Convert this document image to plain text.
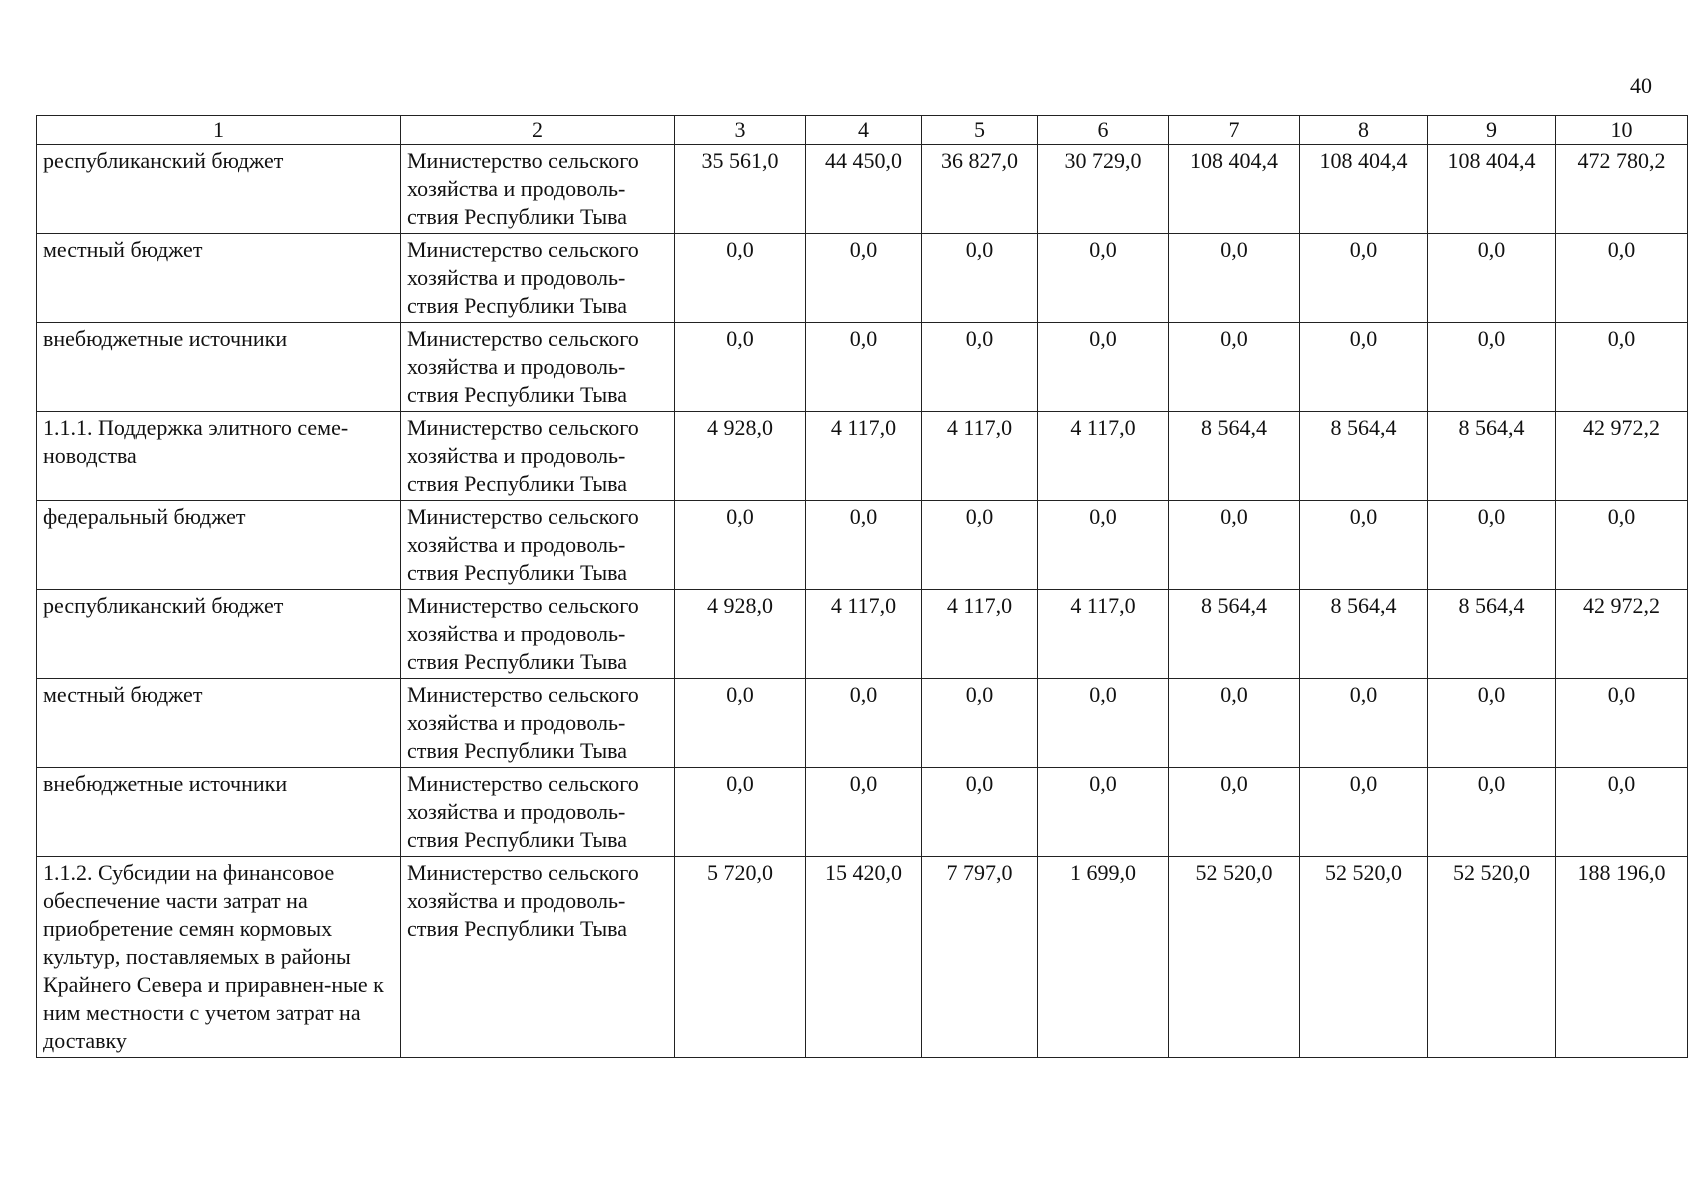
40
1	2	3	4	5	6	7	8	9	10
республиканский бюджет	Министерство сельского хозяйства и продоволь-ствия Республики Тыва	35 561,0	44 450,0	36 827,0	30 729,0	108 404,4	108 404,4	108 404,4	472 780,2
местный бюджет	Министерство сельского хозяйства и продоволь-ствия Республики Тыва	0,0	0,0	0,0	0,0	0,0	0,0	0,0	0,0
внебюджетные источники	Министерство сельского хозяйства и продоволь-ствия Республики Тыва	0,0	0,0	0,0	0,0	0,0	0,0	0,0	0,0
1.1.1. Поддержка элитного семе-новодства	Министерство сельского хозяйства и продоволь-ствия Республики Тыва	4 928,0	4 117,0	4 117,0	4 117,0	8 564,4	8 564,4	8 564,4	42 972,2
федеральный бюджет	Министерство сельского хозяйства и продоволь-ствия Республики Тыва	0,0	0,0	0,0	0,0	0,0	0,0	0,0	0,0
республиканский бюджет	Министерство сельского хозяйства и продоволь-ствия Республики Тыва	4 928,0	4 117,0	4 117,0	4 117,0	8 564,4	8 564,4	8 564,4	42 972,2
местный бюджет	Министерство сельского хозяйства и продоволь-ствия Республики Тыва	0,0	0,0	0,0	0,0	0,0	0,0	0,0	0,0
внебюджетные источники	Министерство сельского хозяйства и продоволь-ствия Республики Тыва	0,0	0,0	0,0	0,0	0,0	0,0	0,0	0,0
1.1.2. Субсидии на финансовое обеспечение части затрат на приобретение семян кормовых культур, поставляемых в районы Крайнего Севера и приравнен-ные к ним местности с учетом затрат на доставку	Министерство сельского хозяйства и продоволь-ствия Республики Тыва	5 720,0	15 420,0	7 797,0	1 699,0	52 520,0	52 520,0	52 520,0	188 196,0
